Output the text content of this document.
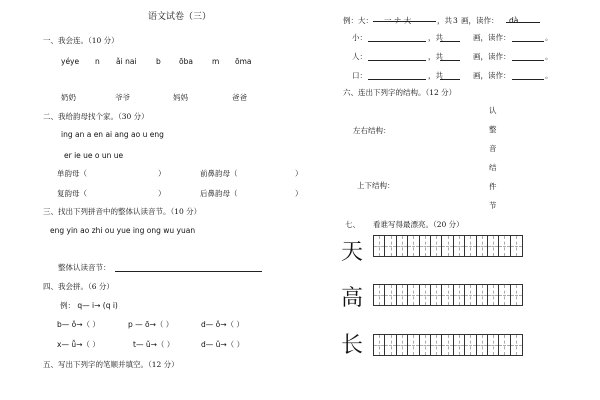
语文试卷（三）
一、我会连。（10 分）
yéye n ǎi nai	b ōba	m ōma
奶奶	爷爷	妈妈	爸爸
二、我给韵母找个家。（30 分）
ing an a en ai ang ao u eng
er ie ue o un ue
单韵母（	）	前鼻韵母（	）
复韵母（	）	后鼻韵母（	）
三、找出下列拼音中的整体认读音节。（10 分）
eng yin ao zhi ou yue ing ong wu yuan
整体认读音节：
四、我会拼。（6 分）
例： q— i→ (q i)
b— ǒ→（ ）	p — ō→（ ）	d— ǒ→（ ）
x— ǚ→（ ）	t— ǔ→（ ）	d— ǔ→（ ）
五、写出下列字的笔顺并填空。（12 分）
例：大： 一 ナ 大	，共 3 画，读作： dà
小：	，共	画，读作：	。
人：	，共	画，读作：	。
口：	，共	画，读作：	。
六、连出下列字的结构。（12 分）
左右结构：
上下结构：
认
整
音
结
件
节
七、 看谁写得最漂亮。（20 分）
天
高
长
